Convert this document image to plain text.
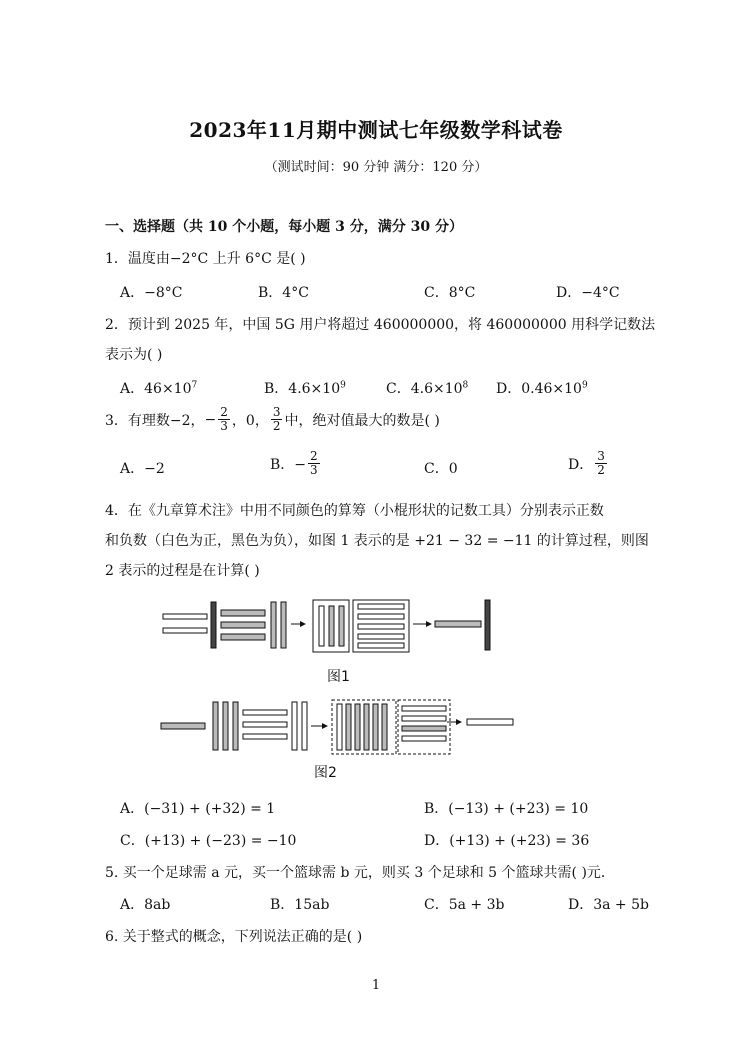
2023年11月期中测试七年级数学科试卷
（测试时间：90 分钟 满分：120 分）
一、选择题（共 10 个小题，每小题 3 分，满分 30 分）
1．温度由−2°C 上升 6°C 是( )
A．−8°C	B．4°C	C．8°C	D．−4°C
2．预计到 2025 年，中国 5G 用户将超过 460000000，将 460000000 用科学记数法
表示为( )
A．$46\times 10^7$	B．$4.6\times 10^9$	C．$4.6\times 10^8$ D．$0.46\times 10^9$
3．有理数−2， − $\frac{2}{3}$ ，0， $\frac{3}{2}$ 中，绝对值最大的数是( )
A．−2	B．− $\frac{2}{3}$	C．0	D． $\frac{3}{2}$
4．在《九章算术注》中用不同颜色的算筹（小棍形状的记数工具）分别表示正数
和负数（白色为正，黑色为负），如图 1 表示的是 +21 − 32 = −11 的计算过程，则图
2 表示的过程是在计算( )
图1
图2
A．(−31) + (+32) = 1	B．(−13) + (+23) = 10
C．(+13) + (−23) = −10	D．(+13) + (+23) = 36
5. 买一个足球需 a 元，买一个篮球需 b 元，则买 3 个足球和 5 个篮球共需( )元．
A．8ab	B．15ab	C．5a + 3b	D．3a + 5b
6. 关于整式的概念，下列说法正确的是( )
1
